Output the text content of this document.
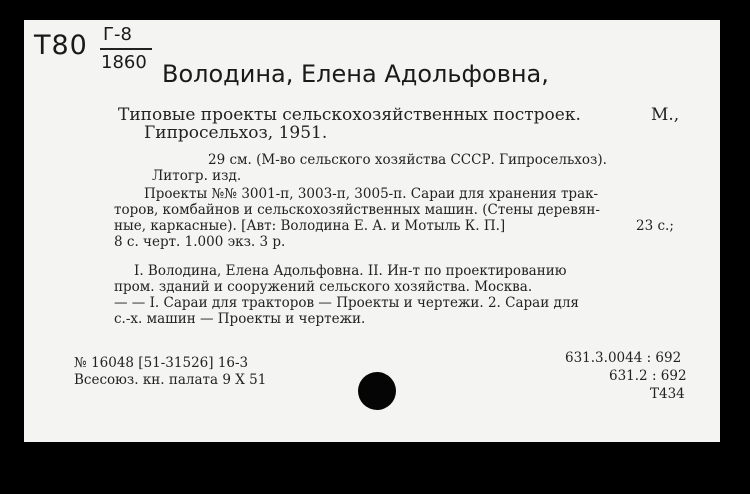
T80 Г-8
1860 Володина, Елена Адольфовна,
Типовые проекты сельскохозяйственных построек.	М.,
Гипросельхоз, 1951.
29 см. (М-во сельского хозяйства СССР. Гипросельхоз).
Литогр. изд.
Проекты №№ 3001-п, 3003-п, 3005-п. Сараи для хранения трак-
торов, комбайнов и сельскохозяйственных машин. (Стены деревян-
ные, каркасные). [Авт: Володина Е. А. и Мотыль К. П.]	23 с.;
8 с. черт. 1.000 экз. 3 р.
I. Володина, Елена Адольфовна. II. Ин-т по проектированию
пром. зданий и сооружений сельского хозяйства. Москва.
— — I. Сараи для тракторов — Проекты и чертежи. 2. Сараи для
с.-х. машин — Проекты и чертежи.
№ 16048 [51-31526] 16-3
Всесоюз. кн. палата 9 X 51
631.3.0044 : 692
631.2 : 692
Т434
